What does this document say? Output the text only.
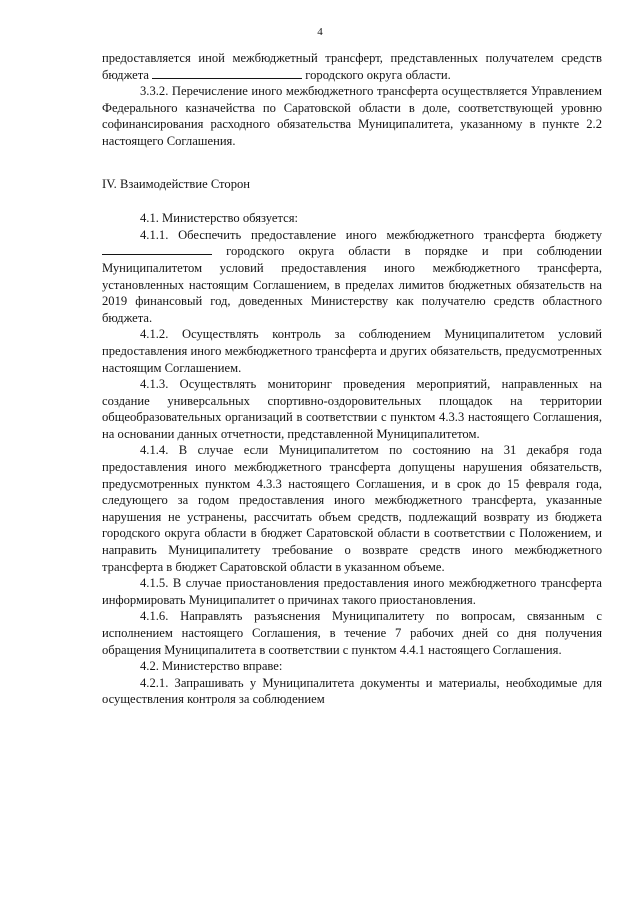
4

предоставляется иной межбюджетный трансферт, представленных получателем средств бюджета	городского округа области.

3.3.2. Перечисление иного межбюджетного трансферта осуществляется Управлением Федерального казначейства по Саратовской области в доле, соответствующей уровню софинансирования расходного обязательства Муниципалитета, указанному в пункте 2.2 настоящего Соглашения.

IV. Взаимодействие Сторон

4.1. Министерство обязуется:

4.1.1. Обеспечить предоставление иного межбюджетного трансферта бюджету  городского округа области в порядке и при соблюдении Муниципалитетом условий предоставления иного межбюджетного трансферта, установленных настоящим Соглашением, в пределах лимитов бюджетных обязательств на 2019 финансовый год, доведенных Министерству как получателю средств областного бюджета.

4.1.2. Осуществлять контроль за соблюдением Муниципалитетом условий предоставления иного межбюджетного трансферта и других обязательств, предусмотренных настоящим Соглашением.

4.1.3. Осуществлять мониторинг проведения мероприятий, направленных на создание универсальных спортивно-оздоровительных площадок на территории общеобразовательных организаций в соответствии с пунктом 4.3.3 настоящего Соглашения, на основании данных отчетности, представленной Муниципалитетом.

4.1.4. В случае если Муниципалитетом по состоянию на 31 декабря года предоставления иного межбюджетного трансферта допущены нарушения обязательств, предусмотренных пунктом 4.3.3 настоящего Соглашения, и в срок до 15 февраля года, следующего за годом предоставления иного межбюджетного трансферта, указанные нарушения не устранены, рассчитать объем средств, подлежащий возврату из бюджета городского округа области в бюджет Саратовской области в соответствии с Положением, и направить Муниципалитету требование о возврате средств иного межбюджетного трансферта в бюджет Саратовской области в указанном объеме.

4.1.5. В случае приостановления предоставления иного межбюджетного трансферта информировать Муниципалитет о причинах такого приостановления.

4.1.6. Направлять разъяснения Муниципалитету по вопросам, связанным с исполнением настоящего Соглашения, в течение 7 рабочих дней со дня получения обращения Муниципалитета в соответствии с пунктом 4.4.1 настоящего Соглашения.

4.2. Министерство вправе:

4.2.1. Запрашивать у Муниципалитета документы и материалы, необходимые для осуществления контроля за соблюдением
